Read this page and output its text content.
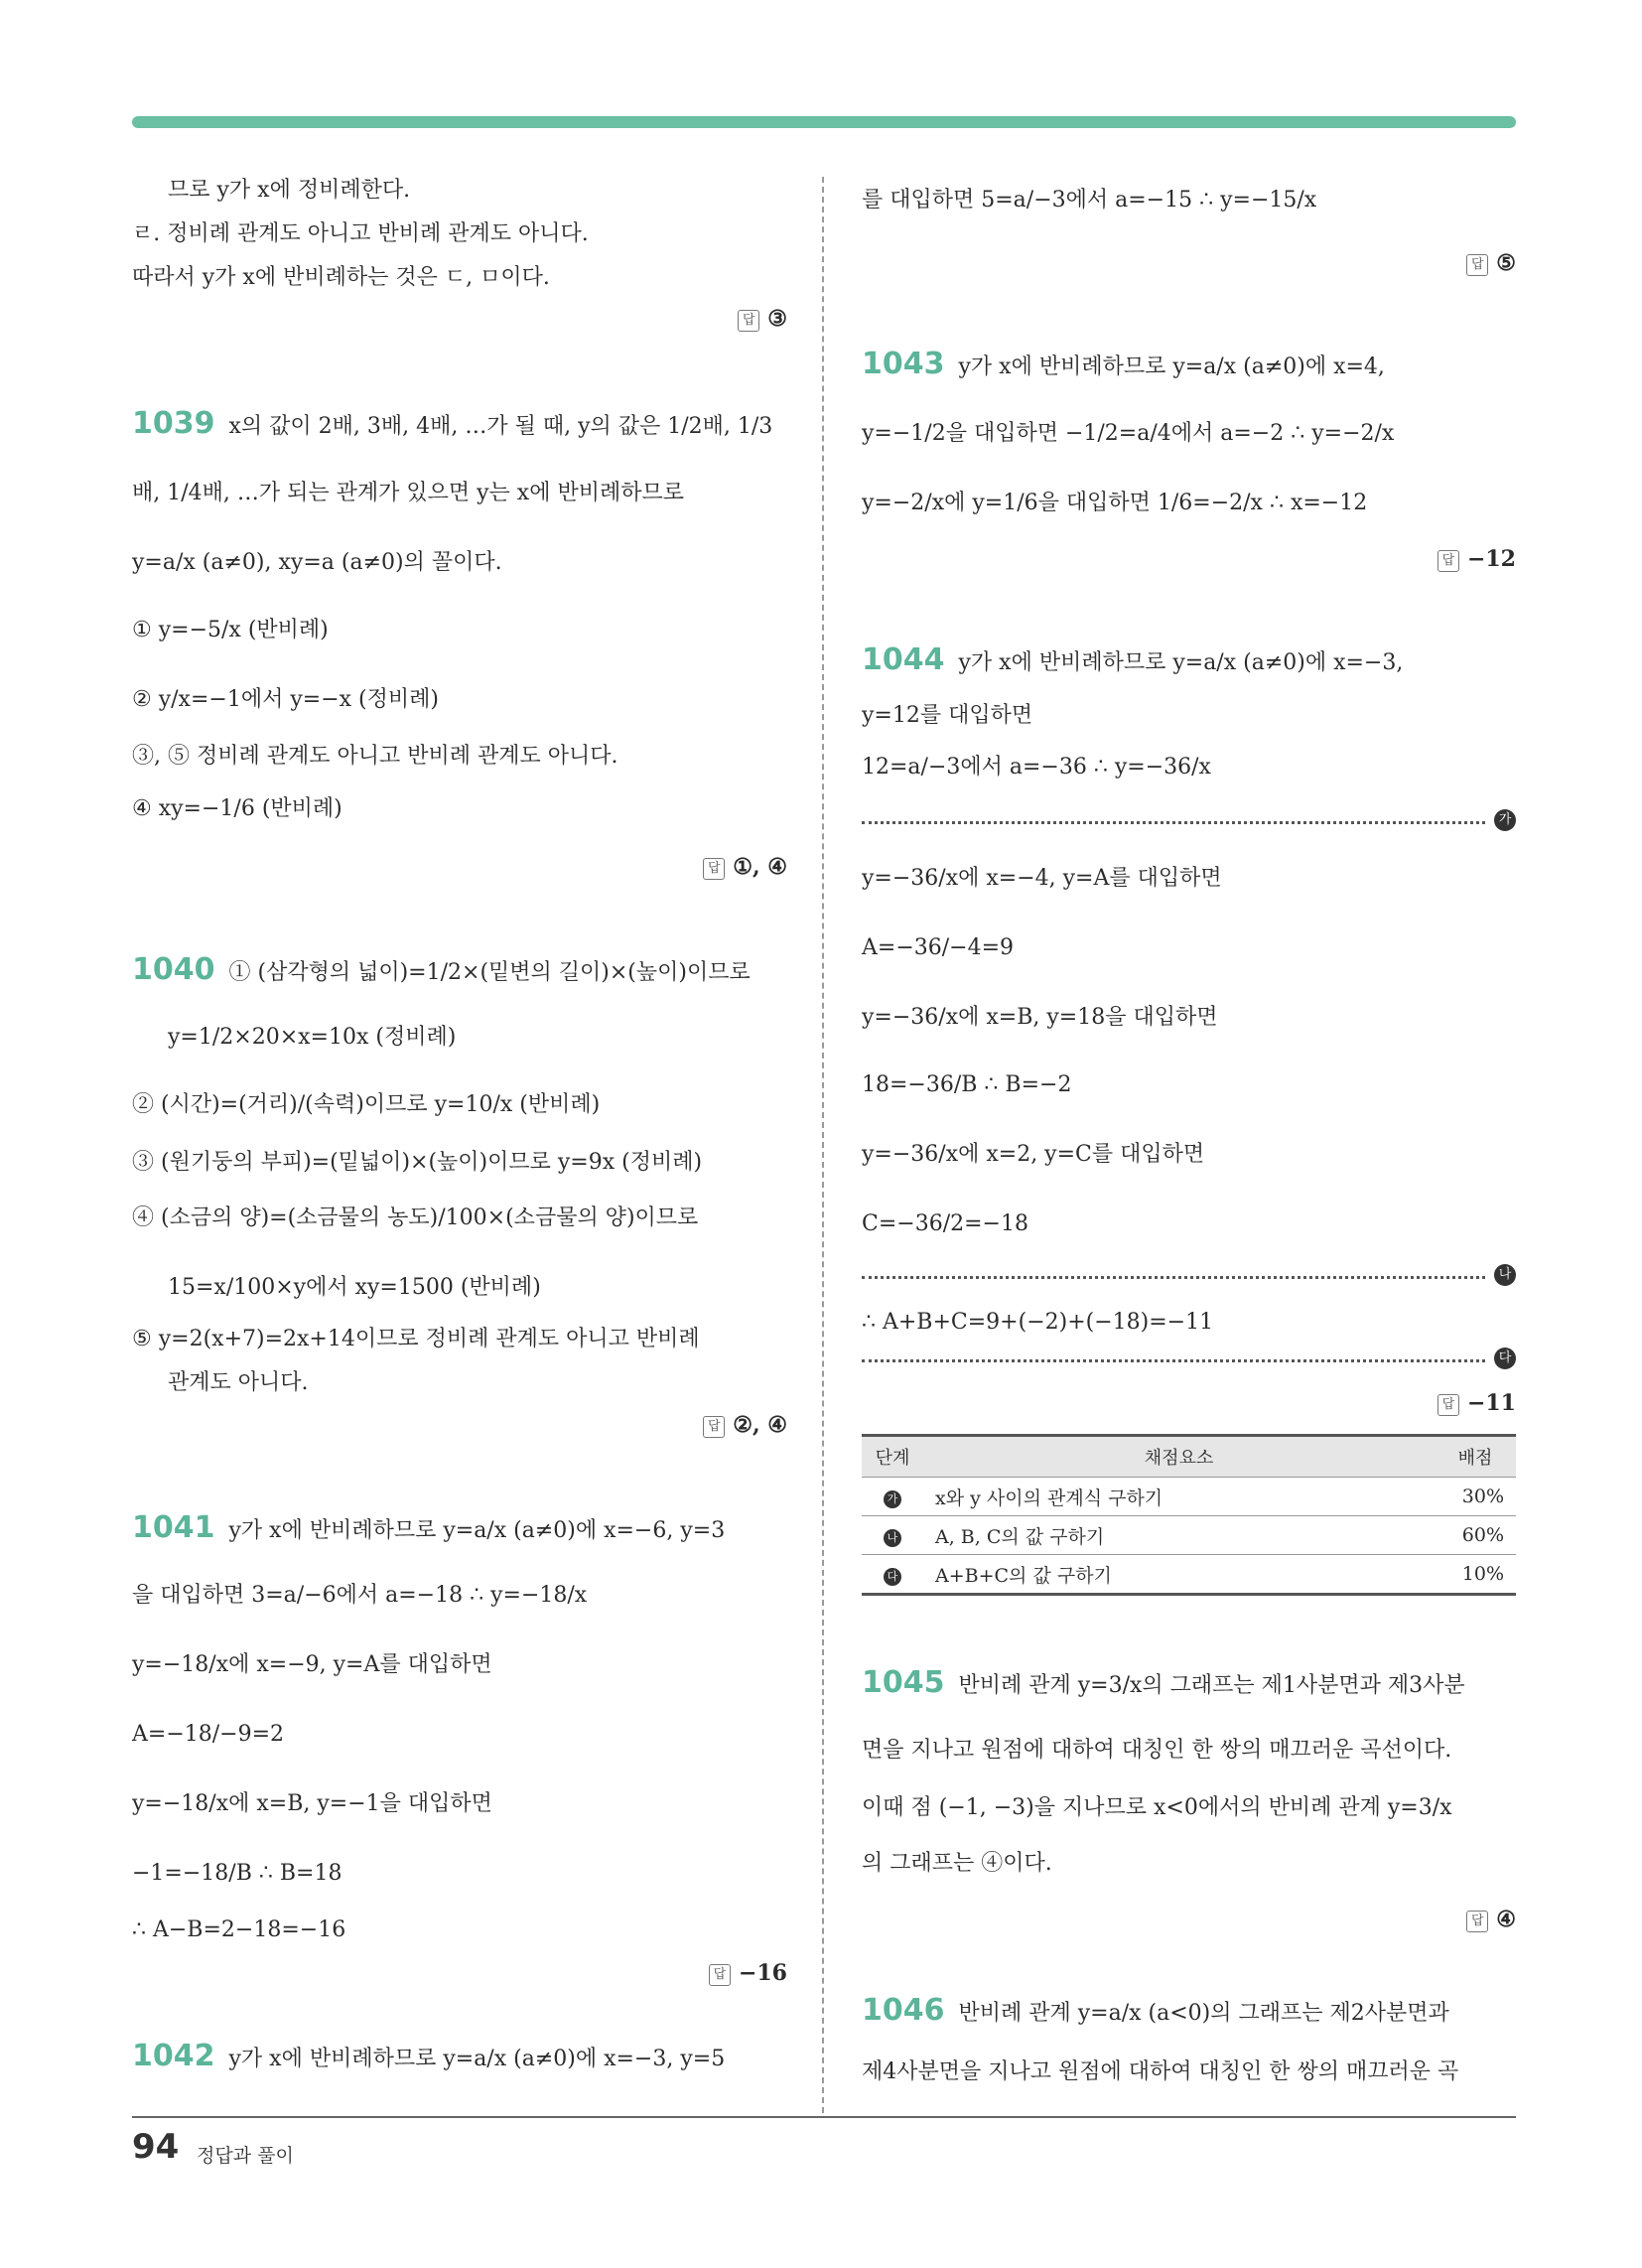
므로 y가 x에 정비례한다.
ㄹ. 정비례 관계도 아니고 반비례 관계도 아니다.
따라서 y가 x에 반비례하는 것은 ㄷ, ㅁ이다.
답 ③
1039 x의 값이 2배, 3배, 4배, …가 될 때, y의 값은 1/2배, 1/3
배, 1/4배, …가 되는 관계가 있으면 y는 x에 반비례하므로
y=a/x (a≠0), xy=a (a≠0)의 꼴이다.
① y=−5/x (반비례)
② y/x=−1에서 y=−x (정비례)
③, ⑤ 정비례 관계도 아니고 반비례 관계도 아니다.
④ xy=−1/6 (반비례)
답 ①, ④
1040 ① (삼각형의 넓이)=1/2×(밑변의 길이)×(높이)이므로
y=1/2×20×x=10x (정비례)
② (시간)=(거리)/(속력)이므로 y=10/x (반비례)
③ (원기둥의 부피)=(밑넓이)×(높이)이므로 y=9x (정비례)
④ (소금의 양)=(소금물의 농도)/100×(소금물의 양)이므로
15=x/100×y에서 xy=1500 (반비례)
⑤ y=2(x+7)=2x+14이므로 정비례 관계도 아니고 반비례
관계도 아니다.
답 ②, ④
1041 y가 x에 반비례하므로 y=a/x (a≠0)에 x=−6, y=3
을 대입하면 3=a/−6에서 a=−18 ∴ y=−18/x
y=−18/x에 x=−9, y=A를 대입하면
A=−18/−9=2
y=−18/x에 x=B, y=−1을 대입하면
−1=−18/B ∴ B=18
∴ A−B=2−18=−16
답 −16
1042 y가 x에 반비례하므로 y=a/x (a≠0)에 x=−3, y=5
를 대입하면 5=a/−3에서 a=−15 ∴ y=−15/x
답 ⑤
1043 y가 x에 반비례하므로 y=a/x (a≠0)에 x=4,
y=−1/2을 대입하면 −1/2=a/4에서 a=−2 ∴ y=−2/x
y=−2/x에 y=1/6을 대입하면 1/6=−2/x ∴ x=−12
답 −12
1044 y가 x에 반비례하므로 y=a/x (a≠0)에 x=−3,
y=12를 대입하면
12=a/−3에서 a=−36 ∴ y=−36/x
가
y=−36/x에 x=−4, y=A를 대입하면
A=−36/−4=9
y=−36/x에 x=B, y=18을 대입하면
18=−36/B ∴ B=−2
y=−36/x에 x=2, y=C를 대입하면
C=−36/2=−18
나
∴ A+B+C=9+(−2)+(−18)=−11
다
답 −11
단계	채점요소	배점
가	x와 y 사이의 관계식 구하기	30%
나	A, B, C의 값 구하기	60%
다	A+B+C의 값 구하기	10%
1045 반비례 관계 y=3/x의 그래프는 제1사분면과 제3사분
면을 지나고 원점에 대하여 대칭인 한 쌍의 매끄러운 곡선이다.
이때 점 (−1, −3)을 지나므로 x<0에서의 반비례 관계 y=3/x
의 그래프는 ④이다.
답 ④
1046 반비례 관계 y=a/x (a<0)의 그래프는 제2사분면과
제4사분면을 지나고 원점에 대하여 대칭인 한 쌍의 매끄러운 곡
94 정답과 풀이
